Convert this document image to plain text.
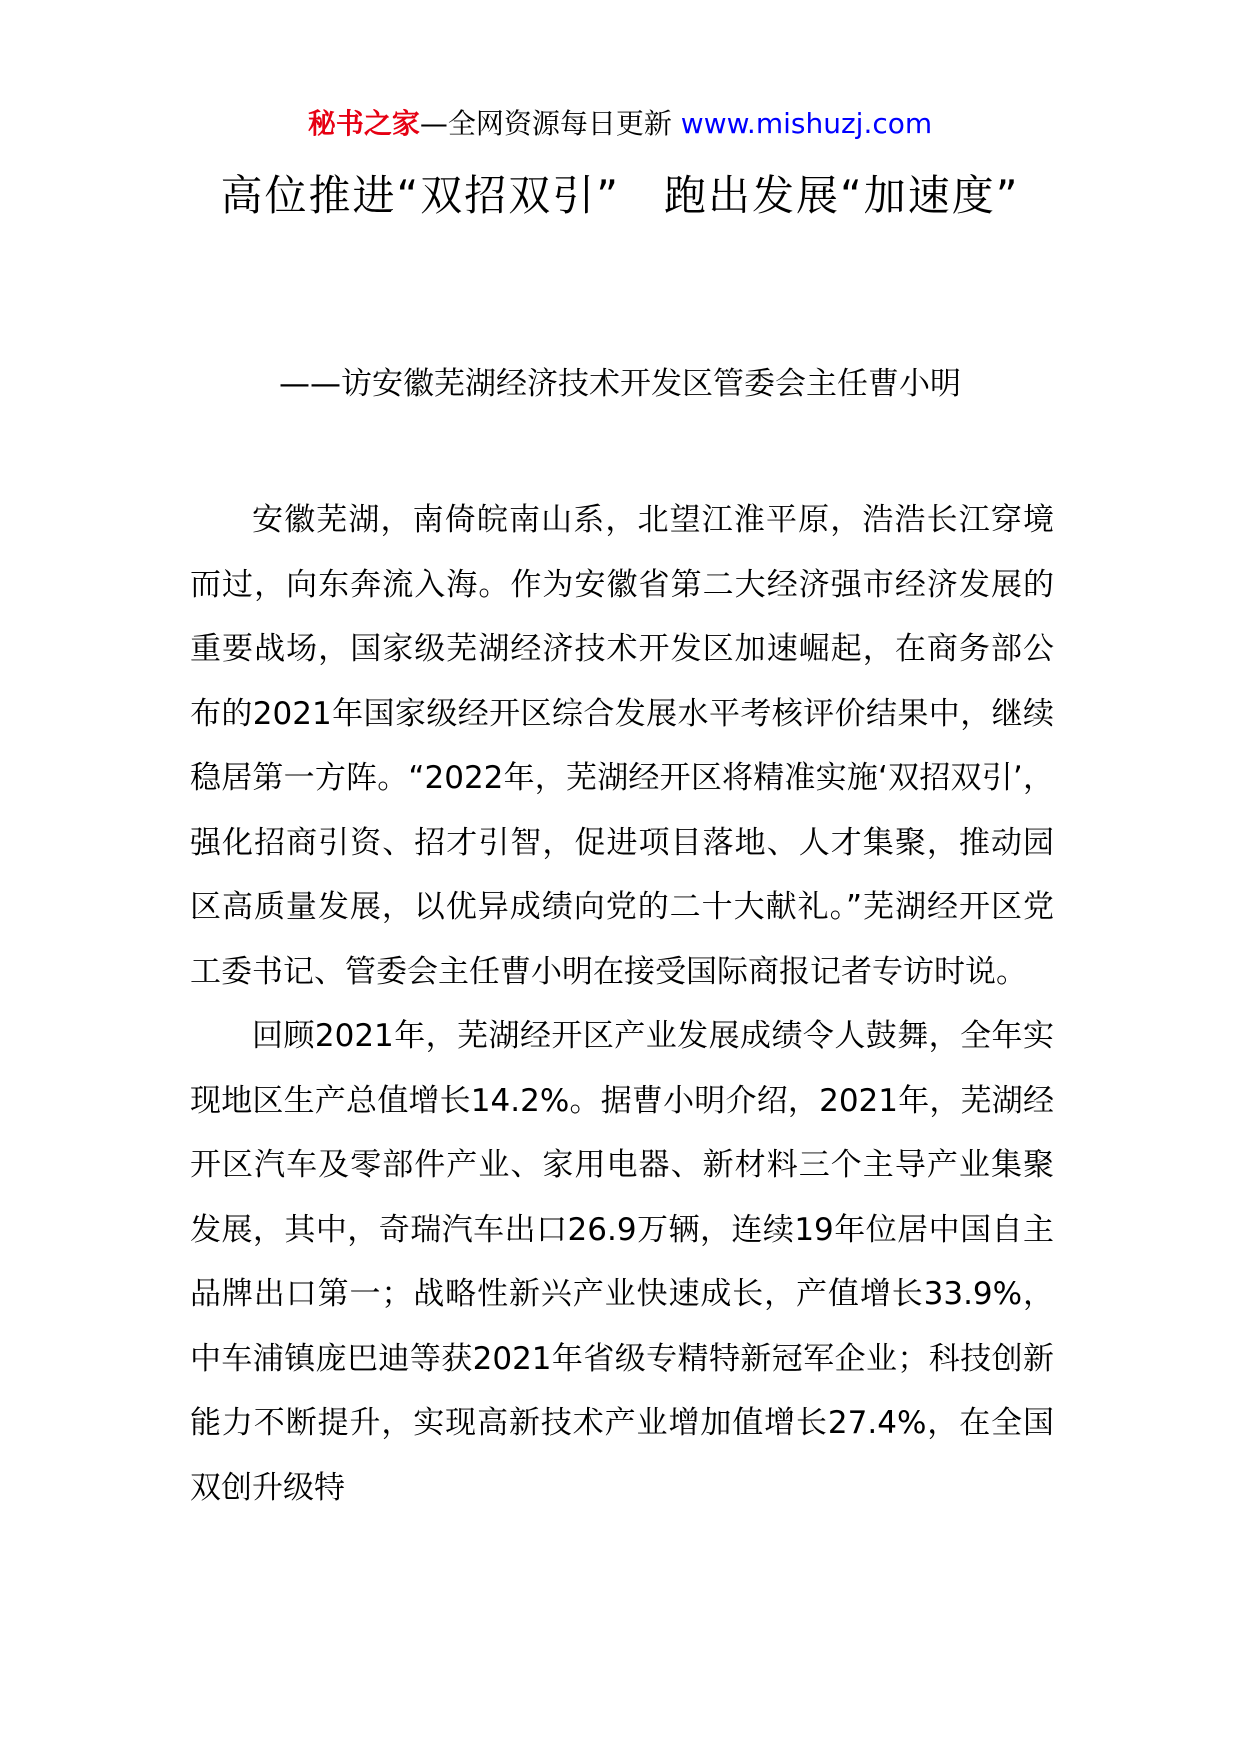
秘书之家—全网资源每日更新 www.mishuzj.com
高位推进“双招双引”　跑出发展“加速度”
——访安徽芜湖经济技术开发区管委会主任曹小明

安徽芜湖，南倚皖南山系，北望江淮平原，浩浩长江穿境而过，向东奔流入海。作为安徽省第二大经济强市经济发展的重要战场，国家级芜湖经济技术开发区加速崛起，在商务部公布的2021年国家级经开区综合发展水平考核评价结果中，继续稳居第一方阵。“2022年，芜湖经开区将精准实施‘双招双引’，强化招商引资、招才引智，促进项目落地、人才集聚，推动园区高质量发展，以优异成绩向党的二十大献礼。”芜湖经开区党工委书记、管委会主任曹小明在接受国际商报记者专访时说。

回顾2021年，芜湖经开区产业发展成绩令人鼓舞，全年实现地区生产总值增长14.2%。据曹小明介绍，2021年，芜湖经开区汽车及零部件产业、家用电器、新材料三个主导产业集聚发展，其中，奇瑞汽车出口26.9万辆，连续19年位居中国自主品牌出口第一；战略性新兴产业快速成长，产值增长33.9%，中车浦镇庞巴迪等获2021年省级专精特新冠军企业；科技创新能力不断提升，实现高新技术产业增加值增长27.4%，在全国双创升级特
